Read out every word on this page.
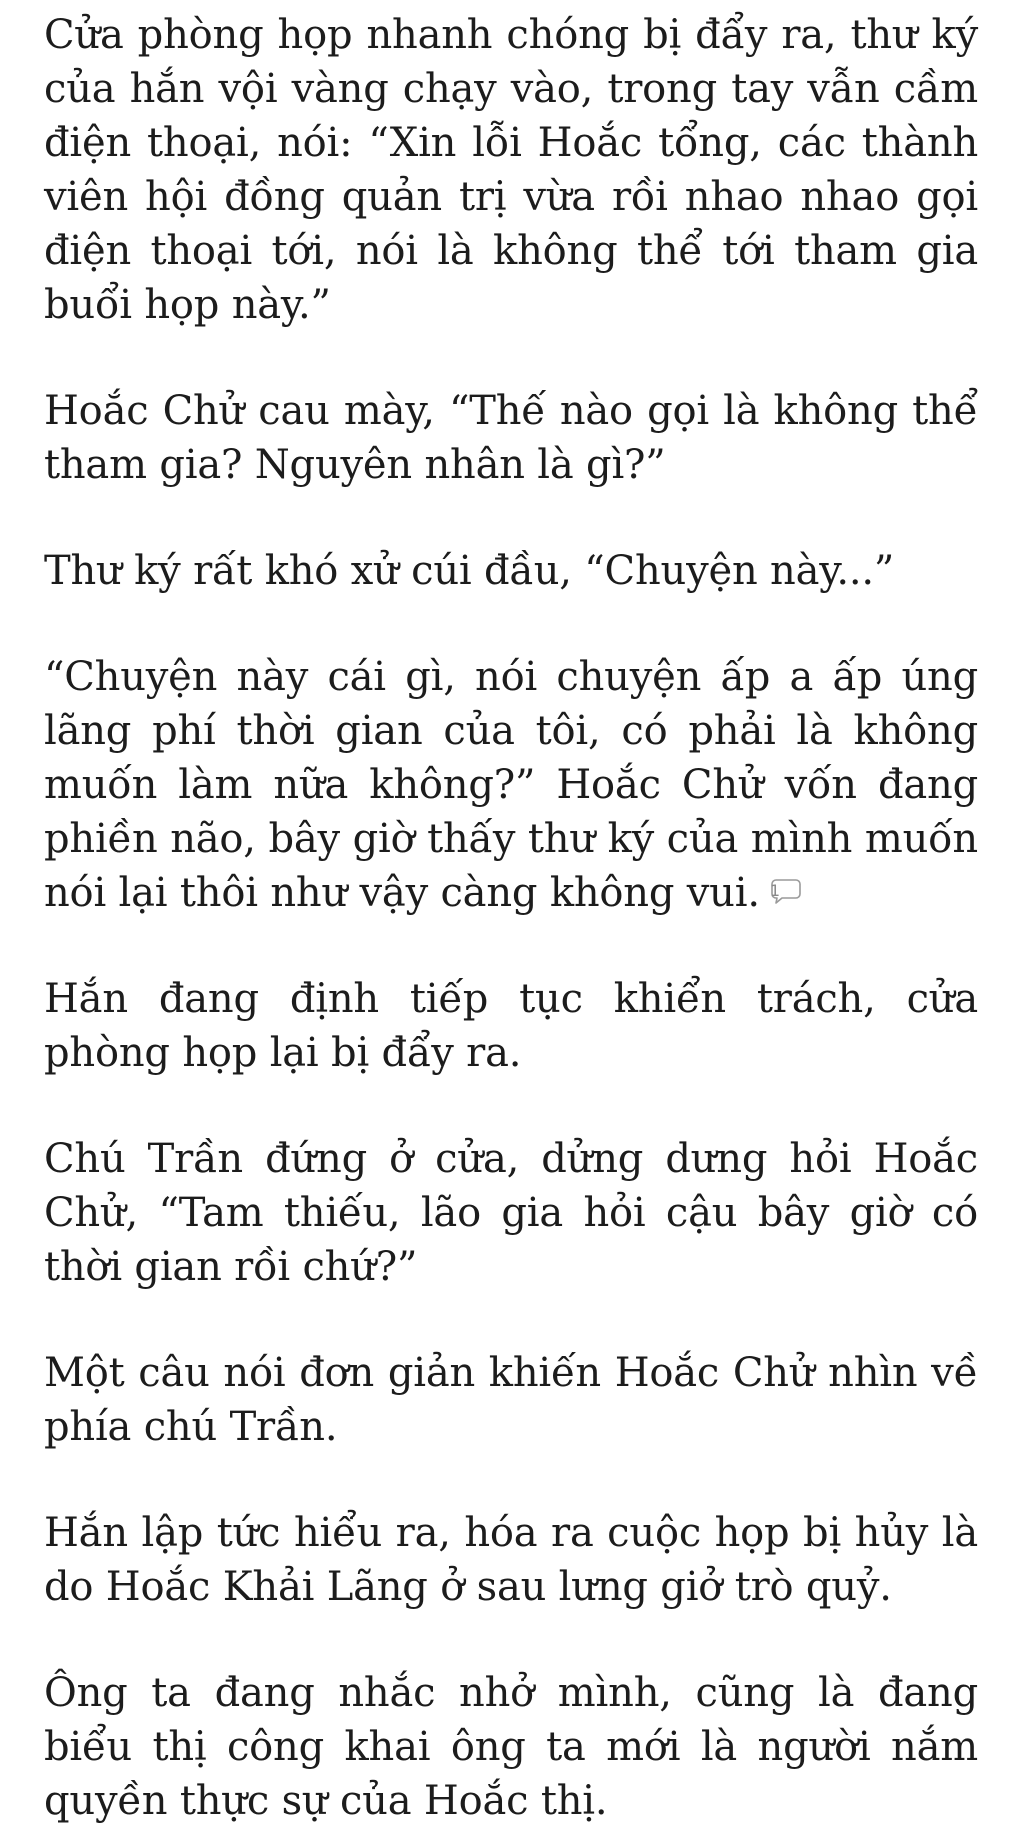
Cửa phòng họp nhanh chóng bị đẩy ra, thư ký của hắn vội vàng chạy vào, trong tay vẫn cầm điện thoại, nói: “Xin lỗi Hoắc tổng, các thành viên hội đồng quản trị vừa rồi nhao nhao gọi điện thoại tới, nói là không thể tới tham gia buổi họp này.”

Hoắc Chử cau mày, “Thế nào gọi là không thể tham gia? Nguyên nhân là gì?”

Thư ký rất khó xử cúi đầu, “Chuyện này...”

“Chuyện này cái gì, nói chuyện ấp a ấp úng lãng phí thời gian của tôi, có phải là không muốn làm nữa không?” Hoắc Chử vốn đang phiền não, bây giờ thấy thư ký của mình muốn nói lại thôi như vậy càng không vui. 1

Hắn đang định tiếp tục khiển trách, cửa phòng họp lại bị đẩy ra.

Chú Trần đứng ở cửa, dửng dưng hỏi Hoắc Chử, “Tam thiếu, lão gia hỏi cậu bây giờ có thời gian rồi chứ?”

Một câu nói đơn giản khiến Hoắc Chử nhìn về phía chú Trần.

Hắn lập tức hiểu ra, hóa ra cuộc họp bị hủy là do Hoắc Khải Lãng ở sau lưng giở trò quỷ.

Ông ta đang nhắc nhở mình, cũng là đang biểu thị công khai ông ta mới là người nắm quyền thực sự của Hoắc thị.
